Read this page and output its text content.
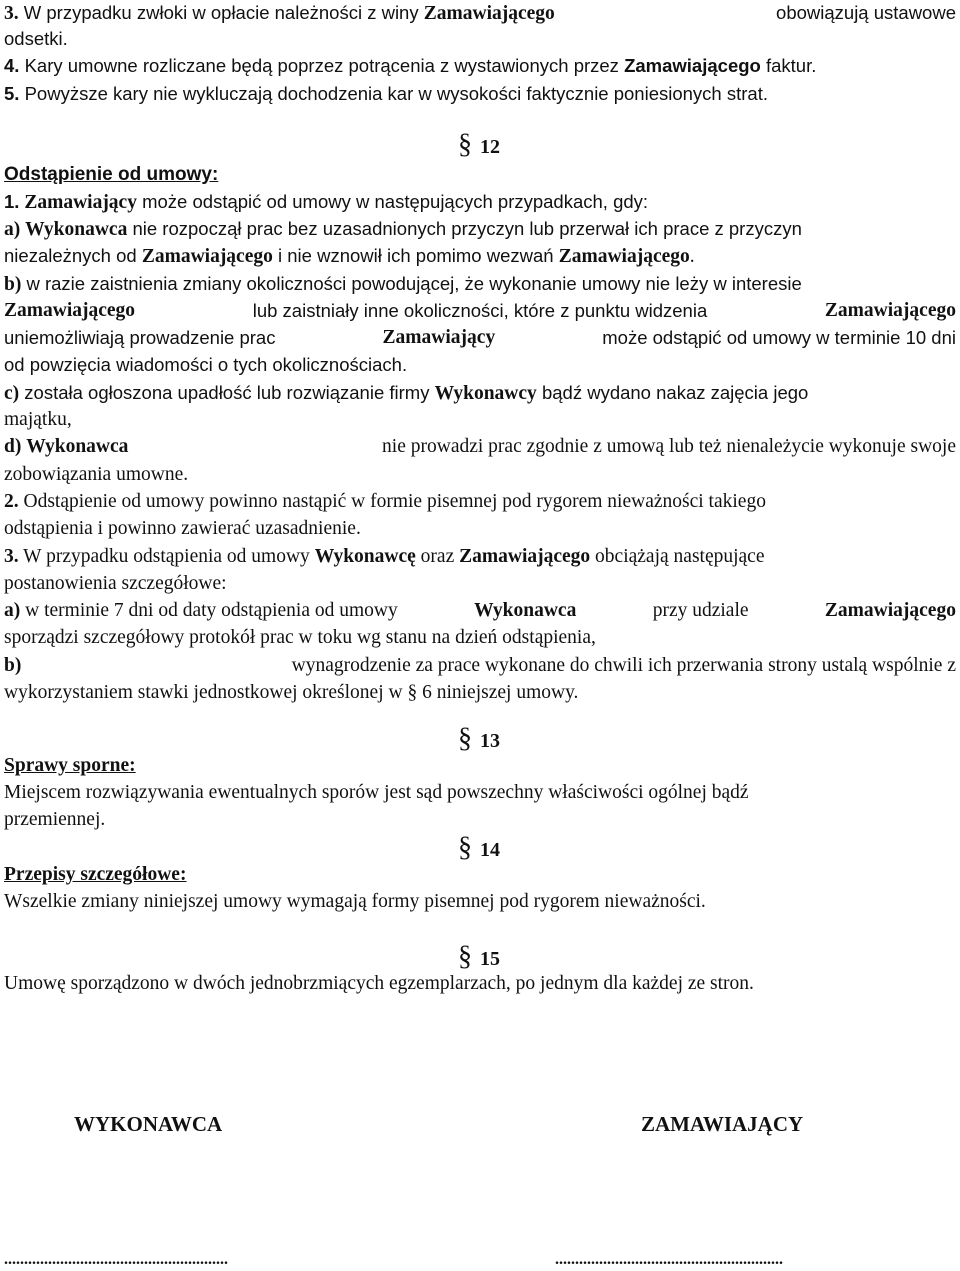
3. W przypadku zwłoki w opłacie należności z winy Zamawiającego	obowiązują ustawowe
odsetki.
4. Kary umowne rozliczane będą poprzez potrącenia z wystawionych przez Zamawiającego faktur.
5. Powyższe kary nie wykluczają dochodzenia kar w wysokości faktycznie poniesionych strat.
§ 12
Odstąpienie od umowy:
1. Zamawiający może odstąpić od umowy w następujących przypadkach, gdy:
a) Wykonawca nie rozpoczął prac bez uzasadnionych przyczyn lub przerwał ich prace z przyczyn
niezależnych od Zamawiającego i nie wznowił ich pomimo wezwań Zamawiającego.
b) w razie zaistnienia zmiany okoliczności powodującej, że wykonanie umowy nie leży w interesie
Zamawiającego	lub zaistniały inne okoliczności, które z punktu widzenia	Zamawiającego
uniemożliwiają prowadzenie prac	Zamawiający	może odstąpić od umowy w terminie 10 dni
od powzięcia wiadomości o tych okolicznościach.
c) została ogłoszona upadłość lub rozwiązanie firmy Wykonawcy bądź wydano nakaz zajęcia jego
majątku,
d) Wykonawca	nie prowadzi prac zgodnie z umową lub też nienależycie wykonuje swoje
zobowiązania umowne.
2. Odstąpienie od umowy powinno nastąpić w formie pisemnej pod rygorem nieważności takiego
odstąpienia i powinno zawierać uzasadnienie.
3. W przypadku odstąpienia od umowy Wykonawcę oraz Zamawiającego obciążają następujące
postanowienia szczegółowe:
a) w terminie 7 dni od daty odstąpienia od umowy	Wykonawca	przy udziale	Zamawiającego
sporządzi szczegółowy protokół prac w toku wg stanu na dzień odstąpienia,
b)	wynagrodzenie za prace wykonane do chwili ich przerwania strony ustalą wspólnie z
wykorzystaniem stawki jednostkowej określonej w § 6 niniejszej umowy.
§ 13
Sprawy sporne:
Miejscem rozwiązywania ewentualnych sporów jest sąd powszechny właściwości ogólnej bądź
przemiennej.
§ 14
Przepisy szczegółowe:
Wszelkie zmiany niniejszej umowy wymagają formy pisemnej pod rygorem nieważności.
§ 15
Umowę sporządzono w dwóch jednobrzmiących egzemplarzach, po jednym dla każdej ze stron.
WYKONAWCA	ZAMAWIAJĄCY
........................................................	.........................................................
